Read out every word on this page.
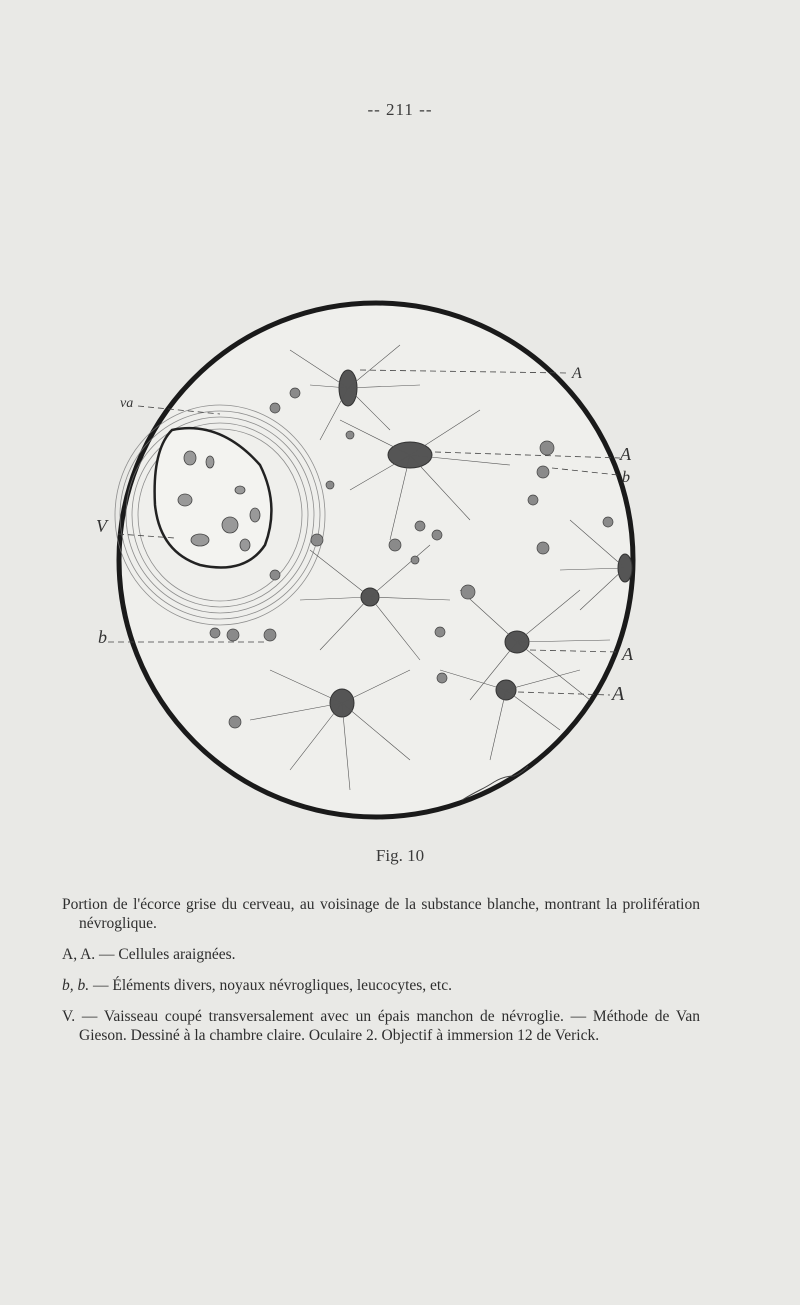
-- 211 --
va
V
b
A
A
b
A
A
Fig. 10

Portion de l'écorce grise du cerveau, au voisinage de la substance blanche, montrant la prolifération névroglique.

A, A. — Cellules araignées.

b, b. — Éléments divers, noyaux névrogliques, leucocytes, etc.

V. — Vaisseau coupé transversalement avec un épais manchon de névroglie. — Méthode de Van Gieson. Dessiné à la chambre claire. Oculaire 2. Objectif à immersion 12 de Verick.
